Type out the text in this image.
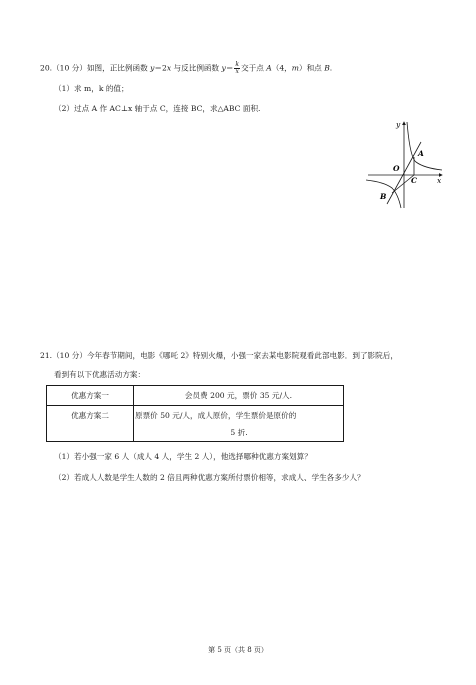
20.（10 分）如图，正比例函数 y＝2x 与反比例函数 $y= \frac{k}{x}$ 交于点 A（4，m）和点 B.
（1）求 m，k 的值；
（2）过点 A 作 AC⊥x 轴于点 C，连接 BC，求△ABC 面积.
y
x
O
A
C
B
21.（10 分）今年春节期间，电影《哪吒 2》特别火爆，小强一家去某电影院观看此部电影．到了影院后，
看到有以下优惠活动方案：
优惠方案一	会员费 200 元，票价 35 元/人.
优惠方案二	原票价 50 元/人，成人原价，学生票价是原价的
5 折.
（1）若小强一家 6 人（成人 4 人，学生 2 人），他选择哪种优惠方案划算？
（2）若成人人数是学生人数的 2 倍且两种优惠方案所付票价相等，求成人、学生各多少人？
第 5 页（共 8 页）
